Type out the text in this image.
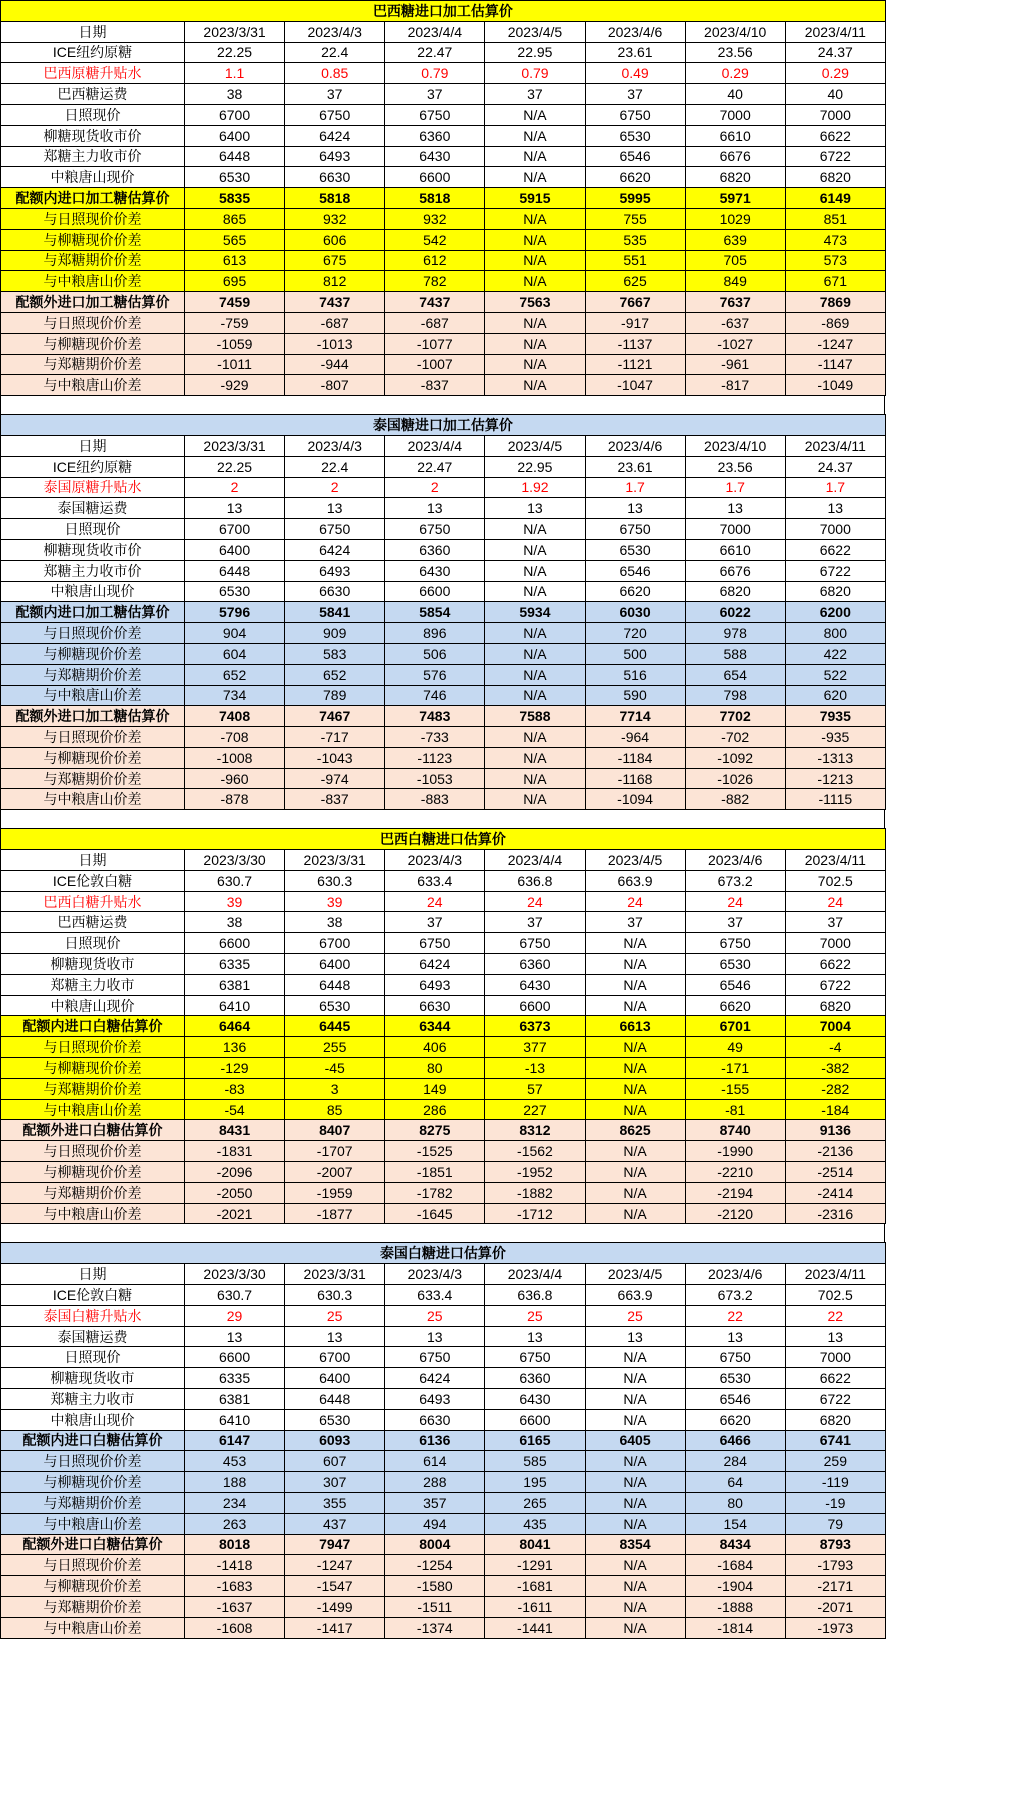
巴西糖进口加工估算价							
日期	2023/3/31	2023/4/3	2023/4/4	2023/4/5	2023/4/6	2023/4/10	2023/4/11
ICE纽约原糖	22.25	22.4	22.47	22.95	23.61	23.56	24.37
巴西原糖升贴水	1.1	0.85	0.79	0.79	0.49	0.29	0.29
巴西糖运费	38	37	37	37	37	40	40
日照现价	6700	6750	6750	N/A	6750	7000	7000
柳糖现货收市价	6400	6424	6360	N/A	6530	6610	6622
郑糖主力收市价	6448	6493	6430	N/A	6546	6676	6722
中粮唐山现价	6530	6630	6600	N/A	6620	6820	6820
配额内进口加工糖估算价	5835	5818	5818	5915	5995	5971	6149
与日照现价价差	865	932	932	N/A	755	1029	851
与柳糖现价价差	565	606	542	N/A	535	639	473
与郑糖期价价差	613	675	612	N/A	551	705	573
与中粮唐山价差	695	812	782	N/A	625	849	671
配额外进口加工糖估算价	7459	7437	7437	7563	7667	7637	7869
与日照现价价差	-759	-687	-687	N/A	-917	-637	-869
与柳糖现价价差	-1059	-1013	-1077	N/A	-1137	-1027	-1247
与郑糖期价价差	-1011	-944	-1007	N/A	-1121	-961	-1147
与中粮唐山价差	-929	-807	-837	N/A	-1047	-817	-1049
泰国糖进口加工估算价							
日期	2023/3/31	2023/4/3	2023/4/4	2023/4/5	2023/4/6	2023/4/10	2023/4/11
ICE纽约原糖	22.25	22.4	22.47	22.95	23.61	23.56	24.37
泰国原糖升贴水	2	2	2	1.92	1.7	1.7	1.7
泰国糖运费	13	13	13	13	13	13	13
日照现价	6700	6750	6750	N/A	6750	7000	7000
柳糖现货收市价	6400	6424	6360	N/A	6530	6610	6622
郑糖主力收市价	6448	6493	6430	N/A	6546	6676	6722
中粮唐山现价	6530	6630	6600	N/A	6620	6820	6820
配额内进口加工糖估算价	5796	5841	5854	5934	6030	6022	6200
与日照现价价差	904	909	896	N/A	720	978	800
与柳糖现价价差	604	583	506	N/A	500	588	422
与郑糖期价价差	652	652	576	N/A	516	654	522
与中粮唐山价差	734	789	746	N/A	590	798	620
配额外进口加工糖估算价	7408	7467	7483	7588	7714	7702	7935
与日照现价价差	-708	-717	-733	N/A	-964	-702	-935
与柳糖现价价差	-1008	-1043	-1123	N/A	-1184	-1092	-1313
与郑糖期价价差	-960	-974	-1053	N/A	-1168	-1026	-1213
与中粮唐山价差	-878	-837	-883	N/A	-1094	-882	-1115
巴西白糖进口估算价							
日期	2023/3/30	2023/3/31	2023/4/3	2023/4/4	2023/4/5	2023/4/6	2023/4/11
ICE伦敦白糖	630.7	630.3	633.4	636.8	663.9	673.2	702.5
巴西白糖升贴水	39	39	24	24	24	24	24
巴西糖运费	38	38	37	37	37	37	37
日照现价	6600	6700	6750	6750	N/A	6750	7000
柳糖现货收市	6335	6400	6424	6360	N/A	6530	6622
郑糖主力收市	6381	6448	6493	6430	N/A	6546	6722
中粮唐山现价	6410	6530	6630	6600	N/A	6620	6820
配额内进口白糖估算价	6464	6445	6344	6373	6613	6701	7004
与日照现价价差	136	255	406	377	N/A	49	-4
与柳糖现价价差	-129	-45	80	-13	N/A	-171	-382
与郑糖期价价差	-83	3	149	57	N/A	-155	-282
与中粮唐山价差	-54	85	286	227	N/A	-81	-184
配额外进口白糖估算价	8431	8407	8275	8312	8625	8740	9136
与日照现价价差	-1831	-1707	-1525	-1562	N/A	-1990	-2136
与柳糖现价价差	-2096	-2007	-1851	-1952	N/A	-2210	-2514
与郑糖期价价差	-2050	-1959	-1782	-1882	N/A	-2194	-2414
与中粮唐山价差	-2021	-1877	-1645	-1712	N/A	-2120	-2316
泰国白糖进口估算价							
日期	2023/3/30	2023/3/31	2023/4/3	2023/4/4	2023/4/5	2023/4/6	2023/4/11
ICE伦敦白糖	630.7	630.3	633.4	636.8	663.9	673.2	702.5
泰国白糖升贴水	29	25	25	25	25	22	22
泰国糖运费	13	13	13	13	13	13	13
日照现价	6600	6700	6750	6750	N/A	6750	7000
柳糖现货收市	6335	6400	6424	6360	N/A	6530	6622
郑糖主力收市	6381	6448	6493	6430	N/A	6546	6722
中粮唐山现价	6410	6530	6630	6600	N/A	6620	6820
配额内进口白糖估算价	6147	6093	6136	6165	6405	6466	6741
与日照现价价差	453	607	614	585	N/A	284	259
与柳糖现价价差	188	307	288	195	N/A	64	-119
与郑糖期价价差	234	355	357	265	N/A	80	-19
与中粮唐山价差	263	437	494	435	N/A	154	79
配额外进口白糖估算价	8018	7947	8004	8041	8354	8434	8793
与日照现价价差	-1418	-1247	-1254	-1291	N/A	-1684	-1793
与柳糖现价价差	-1683	-1547	-1580	-1681	N/A	-1904	-2171
与郑糖期价价差	-1637	-1499	-1511	-1611	N/A	-1888	-2071
与中粮唐山价差	-1608	-1417	-1374	-1441	N/A	-1814	-1973
